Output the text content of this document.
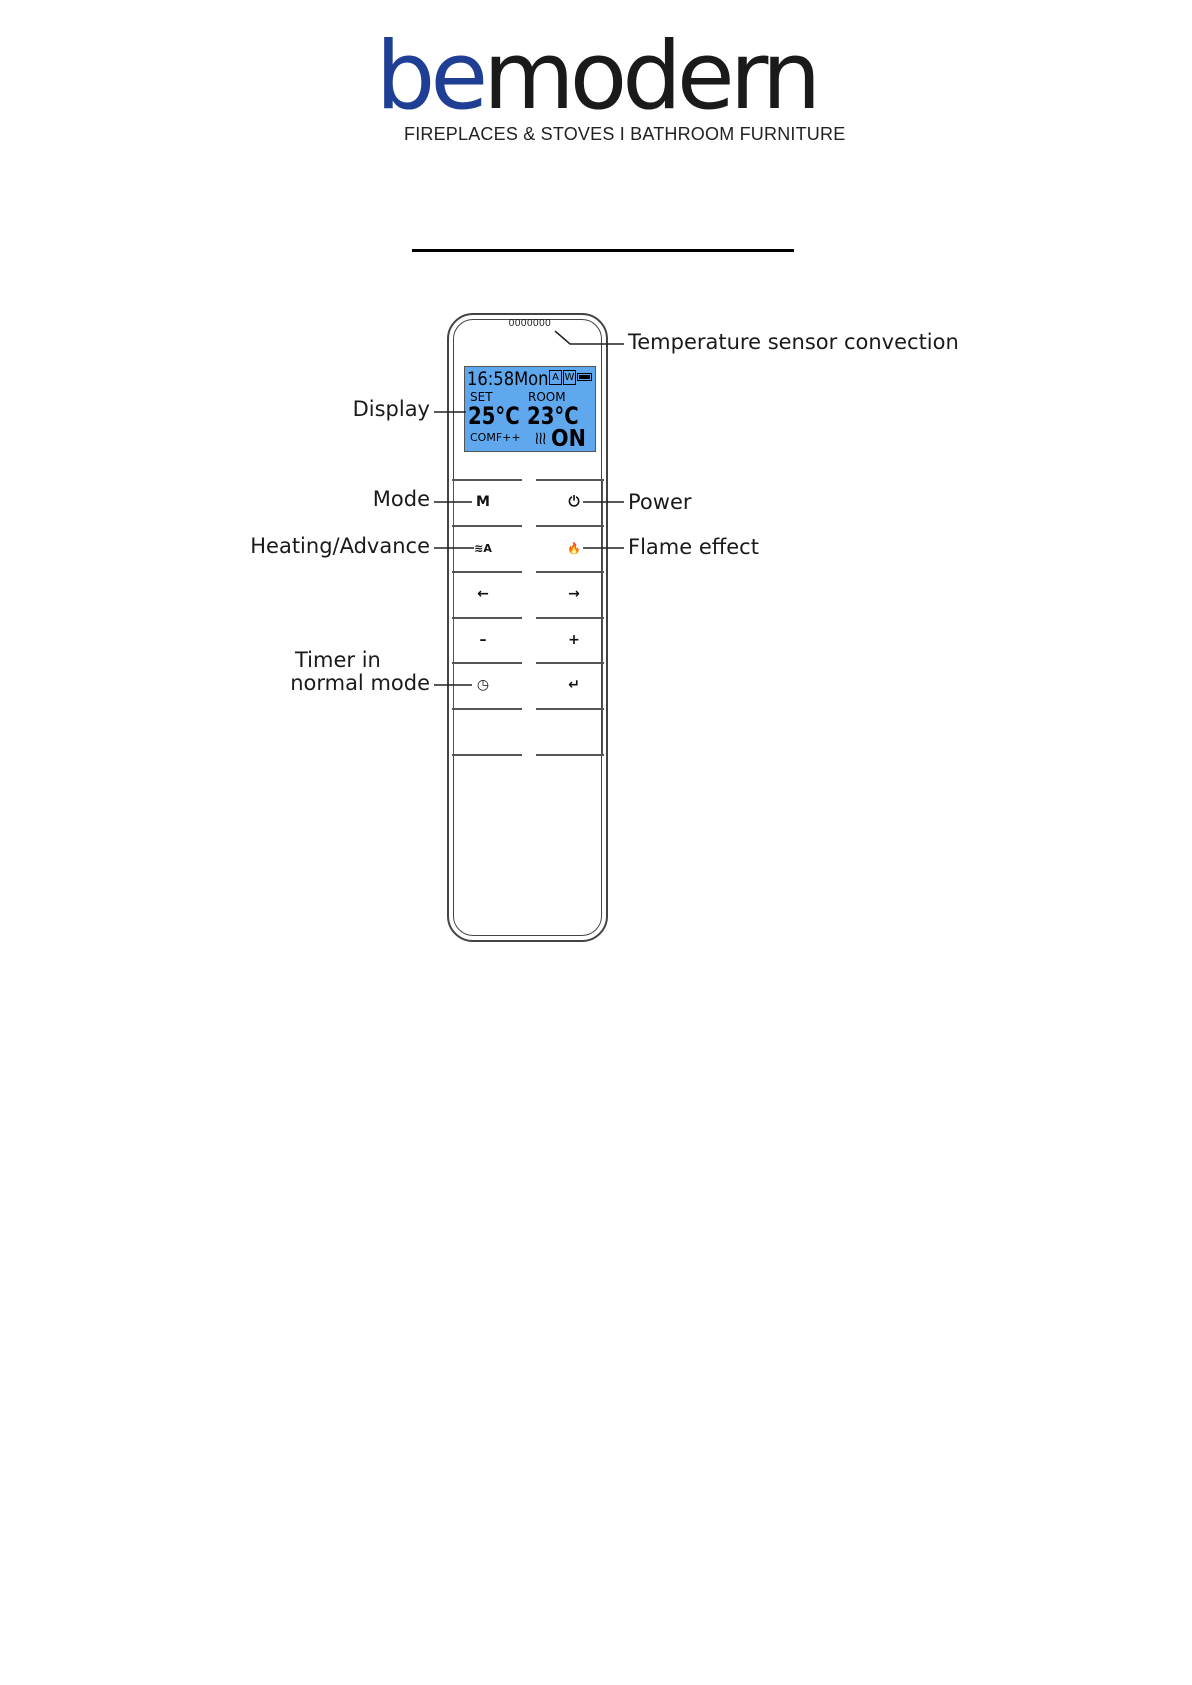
bemodern
FIREPLACES & STOVES I BATHROOM FURNITURE
0000000
16:58Mon A W
SET	ROOM
25°C 23°C
COMF++ ≀≀≀ ON
M	⏻
≋A	🔥
←	→
–	+
◷	↵
Temperature sensor convection
Display
Mode	Power
Heating/Advance	Flame effect
Timer in
normal mode
